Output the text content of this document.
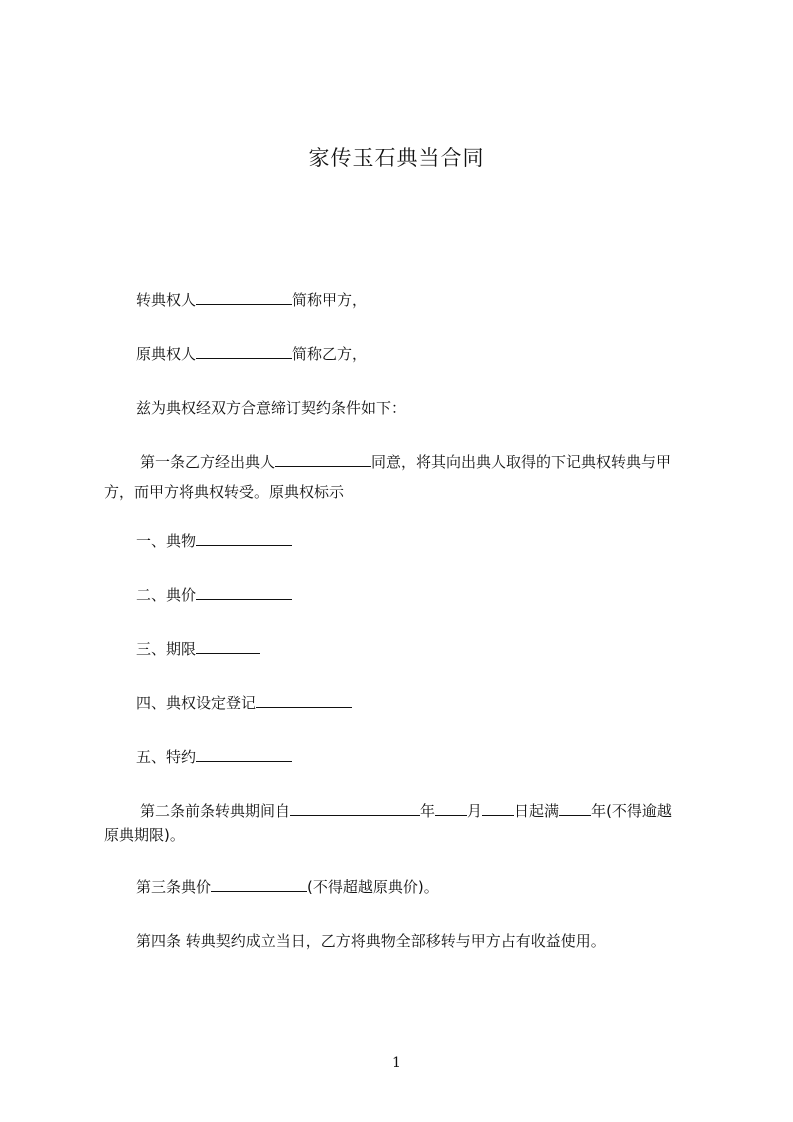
家传玉石典当合同
转典权人	简称甲方，
原典权人	简称乙方，
兹为典权经双方合意缔订契约条件如下：
第一条乙方经出典人	同意，将其向出典人取得的下记典权转典与甲
方，而甲方将典权转受。原典权标示
一、典物
二、典价
三、期限
四、典权设定登记
五、特约
第二条前条转典期间自	年 月 日起满 年(不得逾越
原典期限)。
第三条典价	(不得超越原典价)。
第四条 转典契约成立当日，乙方将典物全部移转与甲方占有收益使用。
1
